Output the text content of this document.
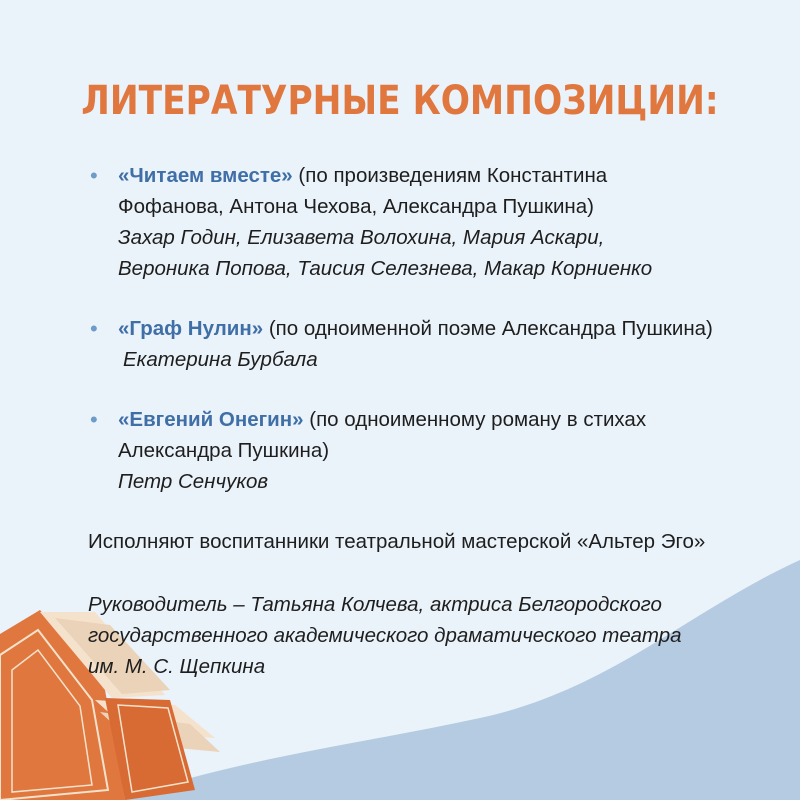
ЛИТЕРАТУРНЫЕ КОМПОЗИЦИИ:
• «Читаем вместе» (по произведениям Константина
Фофанова, Антона Чехова, Александра Пушкина)
Захар Годин, Елизавета Волохина, Мария Аскари,
Вероника Попова, Таисия Селезнева, Макар Корниенко
• «Граф Нулин» (по одноименной поэме Александра Пушкина)
Екатерина Бурбала
• «Евгений Онегин» (по одноименному роману в стихах
Александра Пушкина)
Петр Сенчуков
Исполняют воспитанники театральной мастерской «Альтер Эго»
Руководитель – Татьяна Колчева, актриса Белгородского
государственного академического драматического театра
им. М. С. Щепкина
